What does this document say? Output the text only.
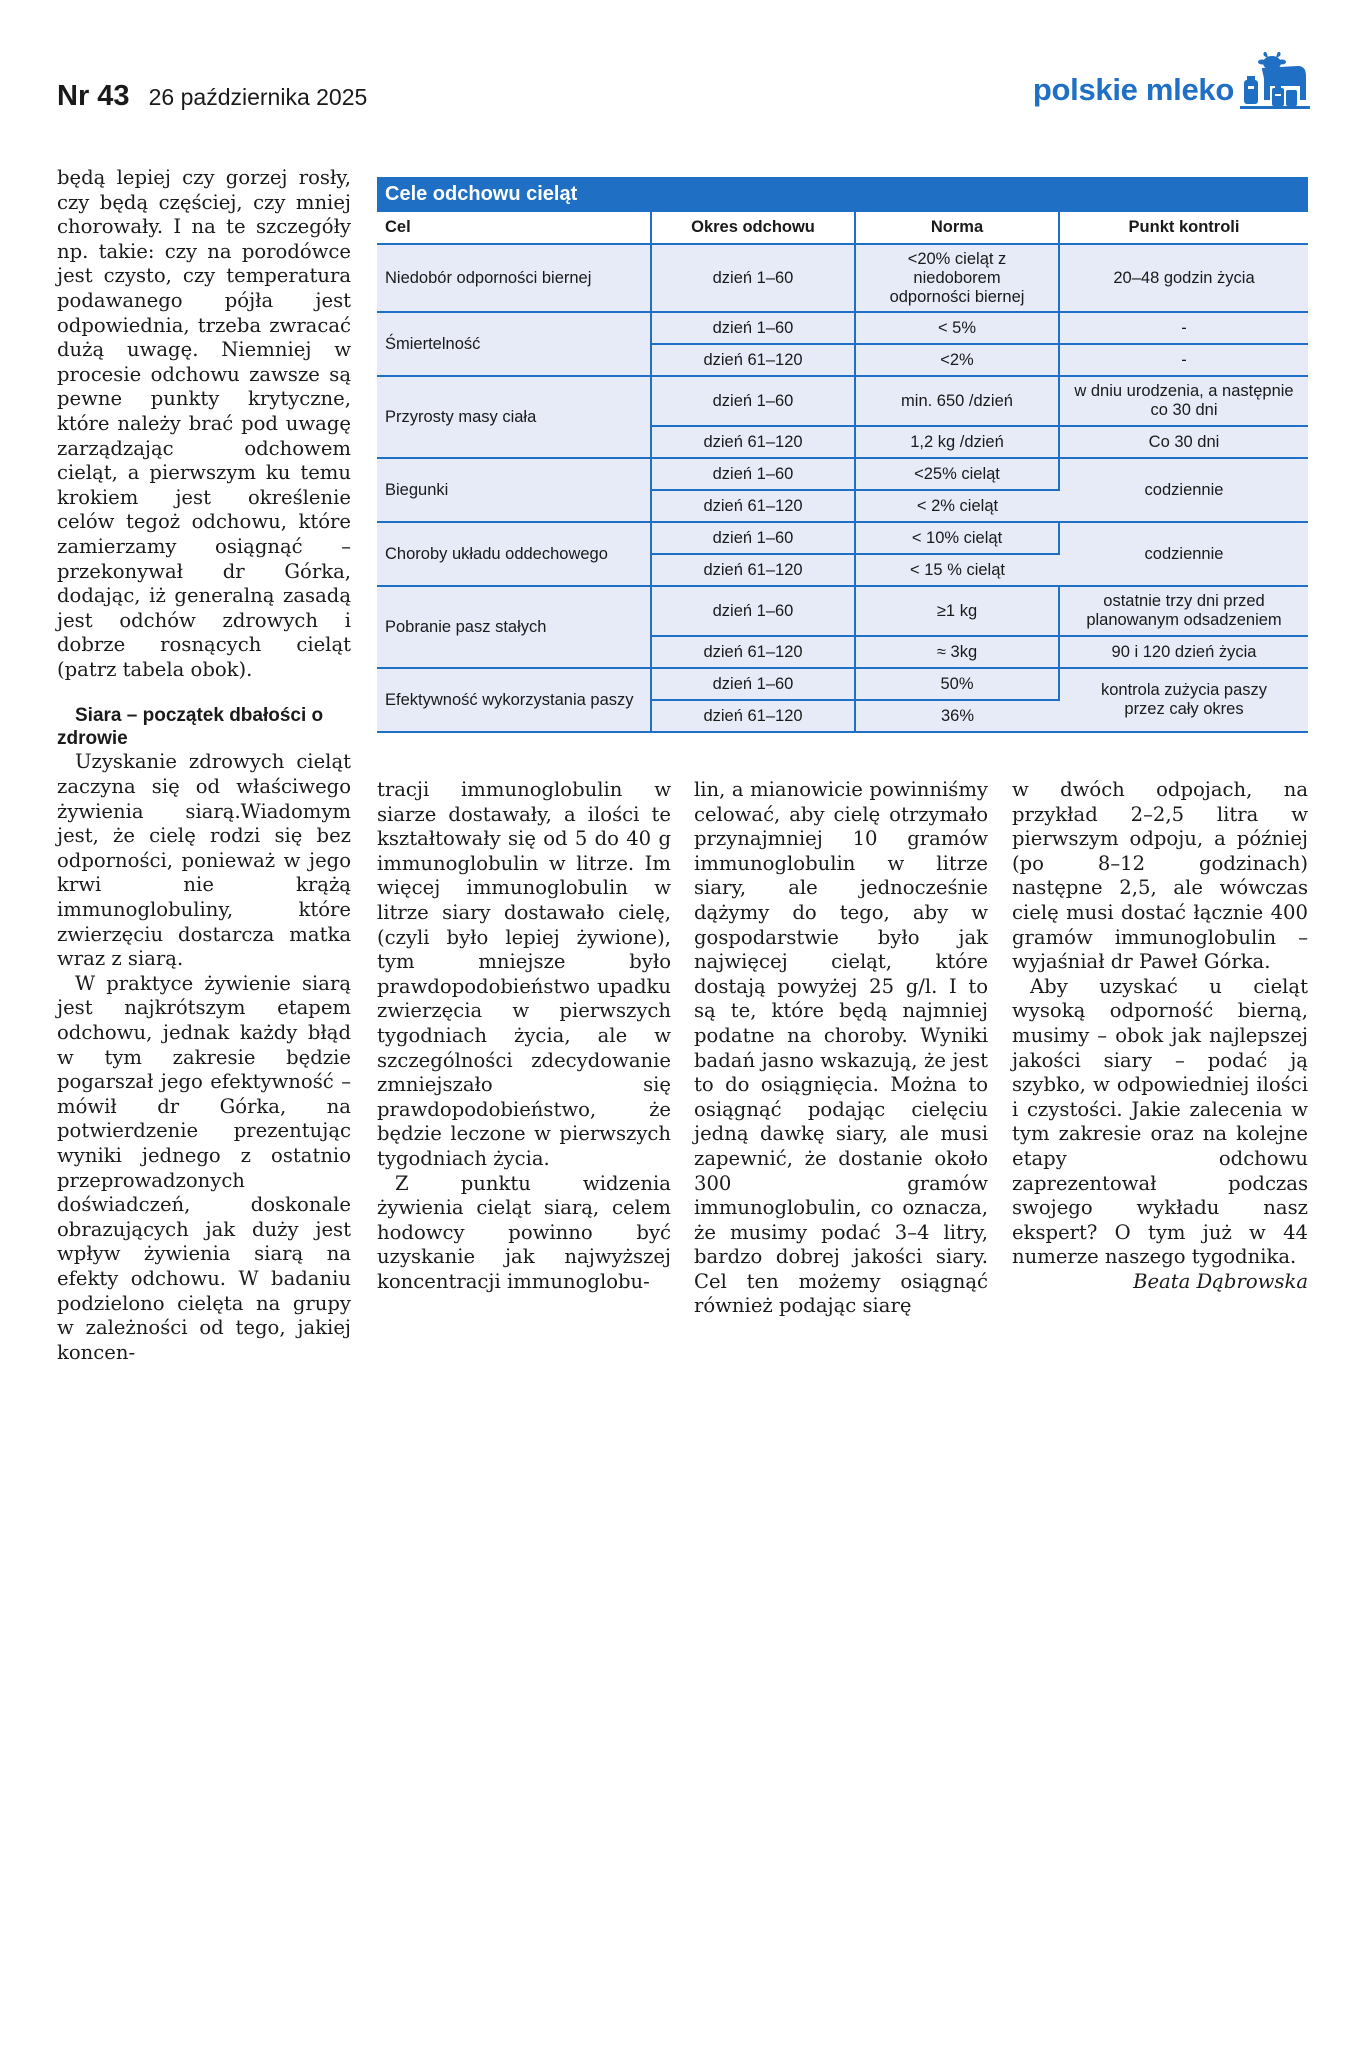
Nr 43 26 października 2025	polskie mleko

będą lepiej czy gorzej rosły, czy będą częściej, czy mniej chorowały. I na te szczegóły np. takie: czy na porodówce jest czysto, czy temperatura podawanego pójła jest odpowiednia, trzeba zwracać dużą uwagę. Niemniej w procesie odchowu zawsze są pewne punkty krytyczne, które należy brać pod uwagę zarządzając odchowem cieląt, a pierwszym ku temu krokiem jest określenie celów tegoż odchowu, które zamierzamy osiągnąć – przekonywał dr Górka, dodając, iż generalną zasadą jest odchów zdrowych i dobrze rosnących cieląt (patrz tabela obok).

Siara – początek dbałości o zdrowie

Uzyskanie zdrowych cieląt zaczyna się od właściwego żywienia siarą.Wiadomym jest, że cielę rodzi się bez odporności, ponieważ w jego krwi nie krążą immunoglobuliny, które zwierzęciu dostarcza matka wraz z siarą.

W praktyce żywienie siarą jest najkrótszym etapem odchowu, jednak każdy błąd w tym zakresie będzie pogarszał jego efektywność – mówił dr Górka, na potwierdzenie prezentując wyniki jednego z ostatnio przeprowadzonych doświadczeń, doskonale obrazujących jak duży jest wpływ żywienia siarą na efekty odchowu. W badaniu podzielono cielęta na grupy w zależności od tego, jakiej koncen-

Cele odchowu cieląt
Cel	Okres odchowu	Norma	Punkt kontroli
Niedobór odporności biernej	dzień 1–60	<20% cieląt z niedoborem odporności biernej	20–48 godzin życia
Śmiertelność	dzień 1–60	< 5%	-
	dzień 61–120	<2%	-
Przyrosty masy ciała	dzień 1–60	min. 650 /dzień	w dniu urodzenia, a następnie co 30 dni
	dzień 61–120	1,2 kg /dzień	Co 30 dni
Biegunki	dzień 1–60	<25% cieląt	codziennie
	dzień 61–120	< 2% cieląt	
Choroby układu oddechowego	dzień 1–60	< 10% cieląt	codziennie
	dzień 61–120	< 15 % cieląt	
Pobranie pasz stałych	dzień 1–60	≥1 kg	ostatnie trzy dni przed planowanym odsadzeniem
	dzień 61–120	≈ 3kg	90 i 120 dzień życia
Efektywność wykorzystania paszy	dzień 1–60	50%	kontrola zużycia paszy przez cały okres
	dzień 61–120	36%	

tracji immunoglobulin w siarze dostawały, a ilości te kształtowały się od 5 do 40 g immunoglobulin w litrze. Im więcej immunoglobulin w litrze siary dostawało cielę, (czyli było lepiej żywione), tym mniejsze było prawdopodobieństwo upadku zwierzęcia w pierwszych tygodniach życia, ale w szczególności zdecydowanie zmniejszało się prawdopodobieństwo, że będzie leczone w pierwszych tygodniach życia.

Z punktu widzenia żywienia cieląt siarą, celem hodowcy powinno być uzyskanie jak najwyższej koncentracji immunoglobu-

lin, a mianowicie powinniśmy celować, aby cielę otrzymało przynajmniej 10 gramów immunoglobulin w litrze siary, ale jednocześnie dążymy do tego, aby w gospodarstwie było jak najwięcej cieląt, które dostają powyżej 25 g/l. I to są te, które będą najmniej podatne na choroby. Wyniki badań jasno wskazują, że jest to do osiągnięcia. Można to osiągnąć podając cielęciu jedną dawkę siary, ale musi zapewnić, że dostanie około 300 gramów immunoglobulin, co oznacza, że musimy podać 3–4 litry, bardzo dobrej jakości siary. Cel ten możemy osiągnąć również podając siarę

w dwóch odpojach, na przykład 2–2,5 litra w pierwszym odpoju, a później (po 8–12 godzinach) następne 2,5, ale wówczas cielę musi dostać łącznie 400 gramów immunoglobulin – wyjaśniał dr Paweł Górka.

Aby uzyskać u cieląt wysoką odporność bierną, musimy – obok jak najlepszej jakości siary – podać ją szybko, w odpowiedniej ilości i czystości. Jakie zalecenia w tym zakresie oraz na kolejne etapy odchowu zaprezentował podczas swojego wykładu nasz ekspert? O tym już w 44 numerze naszego tygodnika.

Beata Dąbrowska
